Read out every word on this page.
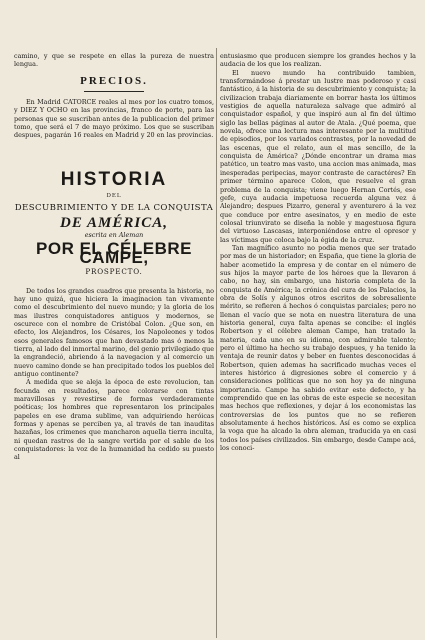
camino, y que se respete en ellas la pureza de nuestra lengua.

PRECIOS.

En Madrid CATORCE reales al mes por los cuatro tomos, y DIEZ Y OCHO en las provincias, franco de porte, para las personas que se suscriban antes de la publicacion del primer tomo, que será el 7 de mayo próximo. Los que se suscriban despues, pagarán 16 reales en Madrid y 20 en las provincias.

HISTORIA
DEL
DESCUBRIMIENTO Y DE LA CONQUISTA
DE AMÉRICA,
escrita en Aleman
POR EL CÉLEBRE CAMPE,
PROSPECTO.

De todos los grandes cuadros que presenta la historia, no hay uno quizá, que hiciera la imaginacion tan vivamente como el descubrimiento del nuevo mundo; y la gloria de los mas ilustres conquistadores antiguos y modernos, se oscurece con el nombre de Cristóbal Colon. ¿Que son, en efecto, los Alejandros, los Césares, los Napoleones y todos esos generales famosos que han devastado mas ó menos la tierra, al lado del inmortal marino, del genio privilegiado que la engrandeció, abriendo á la navegacion y al comercio un nuevo camino donde se han precipitado todos los pueblos del antiguo continente?

A medida que se aleja la época de este revolucion, tan fecunda en resultados, parece colorarse con tintas maravillosas y revestirse de formas verdaderamente poéticas; los hombres que representaron los principales papeles en ese drama sublime, van adquiriendo heróicas formas y apenas se perciben ya, al través de tan inauditas hazañas, los crimenes que mancharon aquella tierra inculta, ni quedan rastros de la sangre vertida por el sable de los conquistadores: la voz de la humanidad ha cedido su puesto al

entusiasmo que producen siempre los grandes hechos y la audacia de los que los realizan.

El nuevo mundo ha contribuido tambien, transformándose á prestar un lustre mas poderoso y casi fantástico, á la historia de su descubrimiento y conquista; la civilizacion trabaja diariamente en borrar hasta los últimos vestigios de aquella naturaleza salvage que admiró al conquistador español, y que inspiró aun al fin del último siglo las bellas páginas al autor de Atala. ¿Qué poema, que novela, ofrece una lectura mas interesante por la multitud de episodios, por los variados contrastes, por la novedad de las escenas, que el relato, aun el mas sencillo, de la conquista de América? ¿Dónde encontrar un drama mas patético, un teatro mas vasto, una accion mas animada, mas inesperadas peripecias, mayor contraste de caractéres? En primer término aparece Colon, que resuelve el gran problema de la conquista; viene luego Hernan Cortés, ese gefe, cuya audacia impetuosa recuerda alguna vez á Alejandro; despues Pizarro, general y aventurero á la vez que conduce por entre asesinatos, y en medio de este colosal triunvirato se diseña la noble y magestuosa figura del virtuoso Lascasas, interponiéndose entre el opresor y las víctimas que coloca bajo la égida de la cruz.

Tan magnífico asunto no podia menos que ser tratado por mas de un historiador; en España, que tiene la gloria de haber acometido la empresa y de contar en el número de sus hijos la mayor parte de los héroes que la llevaron á cabo, no hay, sin embargo, una historia completa de la conquista de América; la crónica del cura de los Palacios, la obra de Solís y algunos otros escritos de sobresaliente mérito, se refieren á hechos ó conquistas parciales; pero no llenan el vacío que se nota en nuestra literatura de una historia general, cuya falta apenas se concibe: el inglés Robertson y el célebre aleman Campe, han tratado la materia, cada uno en su idioma, con admirable talento; pero el último ha hecho su trabajo despues, y ha tenido la ventaja de reunir datos y beber en fuentes desconocidas á Robertson, quien ademas ha sacrificado muchas veces el interes histórico á digresiones sobre el comercio y á consideraciones políticas que no son hoy ya de ninguna importancia. Campe ha sabido evitar este defecto, y ha comprendido que en las obras de este especie se necesitan mas hechos que reflexiones, y dejar á los economistas las controversias de los puntos que no se refieren absolutamente á hechos históricos. Así es como se explica la voga que ha alcado la obra aleman, traducida ya en casi todos los países civilizados. Sin embargo, desde Campe acá, los conoci-
